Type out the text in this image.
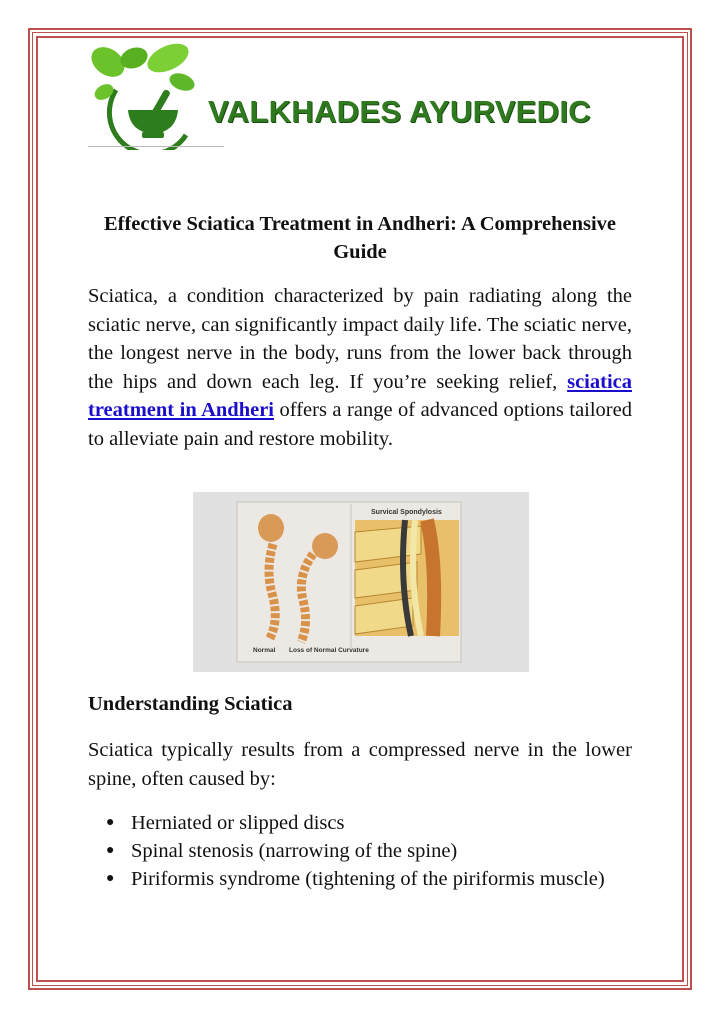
VALKHADES AYURVEDIC
Effective Sciatica Treatment in Andheri: A Comprehensive Guide

Sciatica, a condition characterized by pain radiating along the sciatic nerve, can significantly impact daily life. The sciatic nerve, the longest nerve in the body, runs from the lower back through the hips and down each leg. If you’re seeking relief, sciatica treatment in Andheri offers a range of advanced options tailored to alleviate pain and restore mobility.

Survical Spondylosis
Normal Loss of Normal Curvature
Understanding Sciatica

Sciatica typically results from a compressed nerve in the lower spine, often caused by:

● Herniated or slipped discs
● Spinal stenosis (narrowing of the spine)
● Piriformis syndrome (tightening of the piriformis muscle)
